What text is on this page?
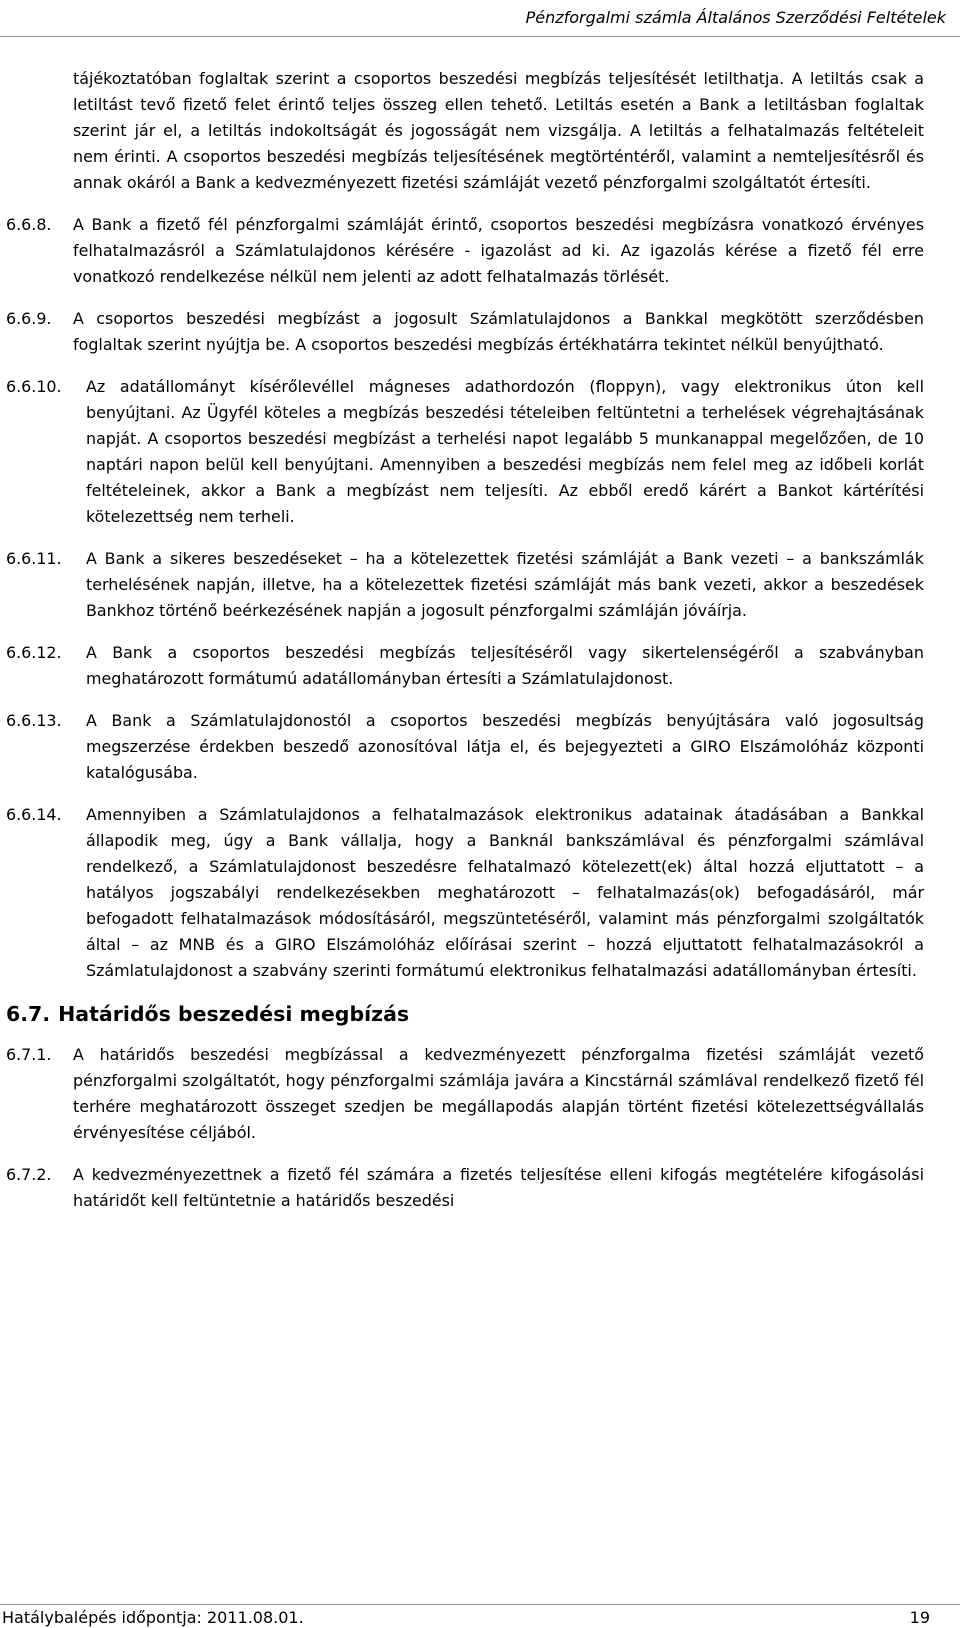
Pénzforgalmi számla Általános Szerződési Feltételek
tájékoztatóban foglaltak szerint a csoportos beszedési megbízás teljesítését letilthatja. A letiltás csak a letiltást tevő fizető felet érintő teljes összeg ellen tehető. Letiltás esetén a Bank a letiltásban foglaltak szerint jár el, a letiltás indokoltságát és jogosságát nem vizsgálja. A letiltás a felhatalmazás feltételeit nem érinti. A csoportos beszedési megbízás teljesítésének megtörténtéről, valamint a nemteljesítésről és annak okáról a Bank a kedvezményezett fizetési számláját vezető pénzforgalmi szolgáltatót értesíti.
6.6.8.	A Bank a fizető fél pénzforgalmi számláját érintő, csoportos beszedési megbízásra vonatkozó érvényes felhatalmazásról a Számlatulajdonos kérésére - igazolást ad ki. Az igazolás kérése a fizető fél erre vonatkozó rendelkezése nélkül nem jelenti az adott felhatalmazás törlését.
6.6.9.	A csoportos beszedési megbízást a jogosult Számlatulajdonos a Bankkal megkötött szerződésben foglaltak szerint nyújtja be. A csoportos beszedési megbízás értékhatárra tekintet nélkül benyújtható.
6.6.10.	Az adatállományt kísérőlevéllel mágneses adathordozón (floppyn), vagy elektronikus úton kell benyújtani. Az Ügyfél köteles a megbízás beszedési tételeiben feltüntetni a terhelések végrehajtásának napját. A csoportos beszedési megbízást a terhelési napot legalább 5 munkanappal megelőzően, de 10 naptári napon belül kell benyújtani. Amennyiben a beszedési megbízás nem felel meg az időbeli korlát feltételeinek, akkor a Bank a megbízást nem teljesíti. Az ebből eredő kárért a Bankot kártérítési kötelezettség nem terheli.
6.6.11.	A Bank a sikeres beszedéseket – ha a kötelezettek fizetési számláját a Bank vezeti – a bankszámlák terhelésének napján, illetve, ha a kötelezettek fizetési számláját más bank vezeti, akkor a beszedések Bankhoz történő beérkezésének napján a jogosult pénzforgalmi számláján jóváírja.
6.6.12.	A Bank a csoportos beszedési megbízás teljesítéséről vagy sikertelenségéről a szabványban meghatározott formátumú adatállományban értesíti a Számlatulajdonost.
6.6.13.	A Bank a Számlatulajdonostól a csoportos beszedési megbízás benyújtására való jogosultság megszerzése érdekben beszedő azonosítóval látja el, és bejegyezteti a GIRO Elszámolóház központi katalógusába.
6.6.14.	Amennyiben a Számlatulajdonos a felhatalmazások elektronikus adatainak átadásában a Bankkal állapodik meg, úgy a Bank vállalja, hogy a Banknál bankszámlával és pénzforgalmi számlával rendelkező, a Számlatulajdonost beszedésre felhatalmazó kötelezett(ek) által hozzá eljuttatott – a hatályos jogszabályi rendelkezésekben meghatározott – felhatalmazás(ok) befogadásáról, már befogadott felhatalmazások módosításáról, megszüntetéséről, valamint más pénzforgalmi szolgáltatók által – az MNB és a GIRO Elszámolóház előírásai szerint – hozzá eljuttatott felhatalmazásokról a Számlatulajdonost a szabvány szerinti formátumú elektronikus felhatalmazási adatállományban értesíti.
6.7. Határidős beszedési megbízás
6.7.1.	A határidős beszedési megbízással a kedvezményezett pénzforgalma fizetési számláját vezető pénzforgalmi szolgáltatót, hogy pénzforgalmi számlája javára a Kincstárnál számlával rendelkező fizető fél terhére meghatározott összeget szedjen be megállapodás alapján történt fizetési kötelezettségvállalás érvényesítése céljából.
6.7.2.	A kedvezményezettnek a fizető fél számára a fizetés teljesítése elleni kifogás megtételére kifogásolási határidőt kell feltüntetnie a határidős beszedési
Hatálybalépés időpontja: 2011.08.01.	19
